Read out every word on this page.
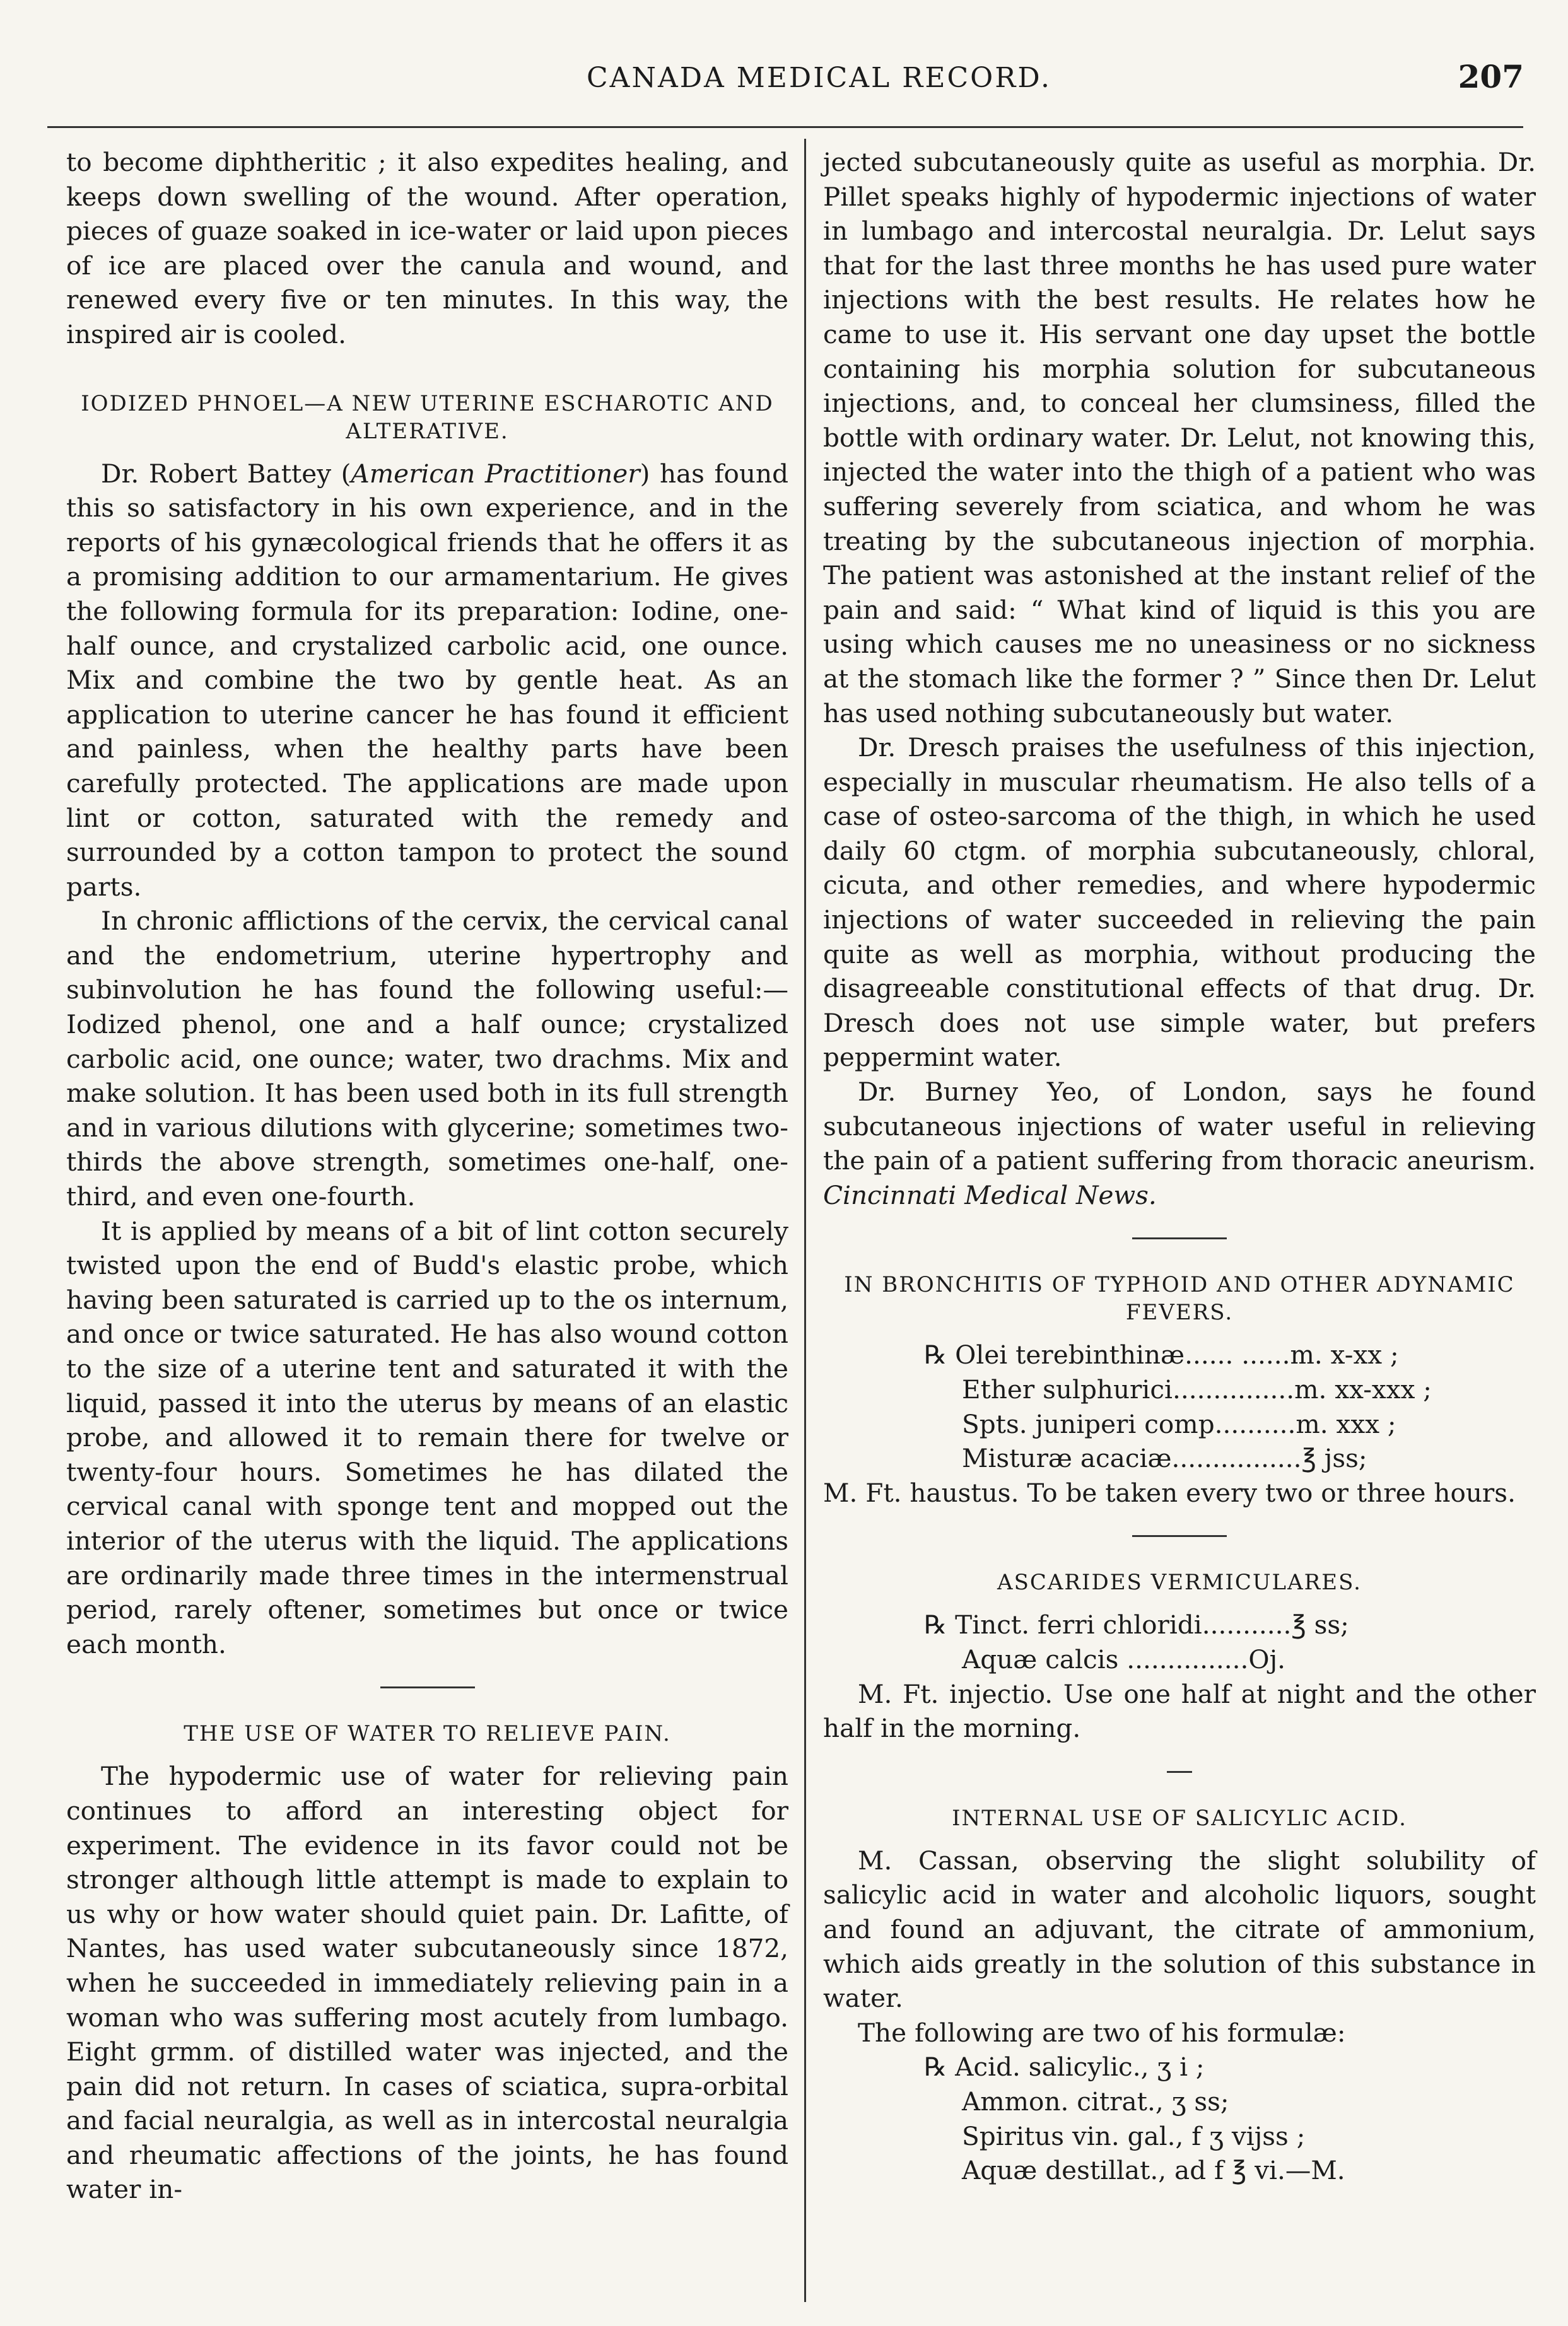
CANADA MEDICAL RECORD.	207

to become diphtheritic ; it also expedites healing, and keeps down swelling of the wound. After operation, pieces of guaze soaked in ice-water or laid upon pieces of ice are placed over the canula and wound, and renewed every five or ten minutes. In this way, the inspired air is cooled.

IODIZED PHNOEL—A NEW UTERINE ESCHAROTIC AND ALTERATIVE.

Dr. Robert Battey (American Practitioner) has found this so satisfactory in his own experience, and in the reports of his gynæcological friends that he offers it as a promising addition to our armamentarium. He gives the following formula for its preparation: Iodine, one-half ounce, and crystalized carbolic acid, one ounce. Mix and combine the two by gentle heat. As an application to uterine cancer he has found it efficient and painless, when the healthy parts have been carefully protected. The applications are made upon lint or cotton, saturated with the remedy and surrounded by a cotton tampon to protect the sound parts.

In chronic afflictions of the cervix, the cervical canal and the endometrium, uterine hypertrophy and subinvolution he has found the following useful:—Iodized phenol, one and a half ounce; crystalized carbolic acid, one ounce; water, two drachms. Mix and make solution. It has been used both in its full strength and in various dilutions with glycerine; sometimes two-thirds the above strength, sometimes one-half, one-third, and even one-fourth.

It is applied by means of a bit of lint cotton securely twisted upon the end of Budd's elastic probe, which having been saturated is carried up to the os internum, and once or twice saturated. He has also wound cotton to the size of a uterine tent and saturated it with the liquid, passed it into the uterus by means of an elastic probe, and allowed it to remain there for twelve or twenty-four hours. Sometimes he has dilated the cervical canal with sponge tent and mopped out the interior of the uterus with the liquid. The applications are ordinarily made three times in the intermenstrual period, rarely oftener, sometimes but once or twice each month.

THE USE OF WATER TO RELIEVE PAIN.

The hypodermic use of water for relieving pain continues to afford an interesting object for experiment. The evidence in its favor could not be stronger although little attempt is made to explain to us why or how water should quiet pain. Dr. Lafitte, of Nantes, has used water subcutaneously since 1872, when he succeeded in immediately relieving pain in a woman who was suffering most acutely from lumbago. Eight grmm. of distilled water was injected, and the pain did not return. In cases of sciatica, supra-orbital and facial neuralgia, as well as in intercostal neuralgia and rheumatic affections of the joints, he has found water in-

jected subcutaneously quite as useful as morphia. Dr. Pillet speaks highly of hypodermic injections of water in lumbago and intercostal neuralgia. Dr. Lelut says that for the last three months he has used pure water injections with the best results. He relates how he came to use it. His servant one day upset the bottle containing his morphia solution for subcutaneous injections, and, to conceal her clumsiness, filled the bottle with ordinary water. Dr. Lelut, not knowing this, injected the water into the thigh of a patient who was suffering severely from sciatica, and whom he was treating by the subcutaneous injection of morphia. The patient was astonished at the instant relief of the pain and said: “ What kind of liquid is this you are using which causes me no uneasiness or no sickness at the stomach like the former ? ” Since then Dr. Lelut has used nothing subcutaneously but water.

Dr. Dresch praises the usefulness of this injection, especially in muscular rheumatism. He also tells of a case of osteo-sarcoma of the thigh, in which he used daily 60 ctgm. of morphia subcutaneously, chloral, cicuta, and other remedies, and where hypodermic injections of water succeeded in relieving the pain quite as well as morphia, without producing the disagreeable constitutional effects of that drug. Dr. Dresch does not use simple water, but prefers peppermint water.

Dr. Burney Yeo, of London, says he found subcutaneous injections of water useful in relieving the pain of a patient suffering from thoracic aneurism. Cincinnati Medical News.

IN BRONCHITIS OF TYPHOID AND OTHER ADYNAMIC FEVERS.
℞ Olei terebinthinæ...... ......m. x-xx ;
Ether sulphurici...............m. xx-xxx ;
Spts. juniperi comp..........m. xxx ;
Misturæ acaciæ................℥ jss;

M. Ft. haustus. To be taken every two or three hours.

ASCARIDES VERMICULARES.
℞ Tinct. ferri chloridi...........℥ ss;
Aquæ calcis ...............Oj.

M. Ft. injectio. Use one half at night and the other half in the morning.

INTERNAL USE OF SALICYLIC ACID.

M. Cassan, observing the slight solubility of salicylic acid in water and alcoholic liquors, sought and found an adjuvant, the citrate of ammonium, which aids greatly in the solution of this substance in water.

The following are two of his formulæ:

℞ Acid. salicylic., ʒ i ;
Ammon. citrat., ʒ ss;
Spiritus vin. gal., f ʒ vijss ;
Aquæ destillat., ad f ℥ vi.—M.
